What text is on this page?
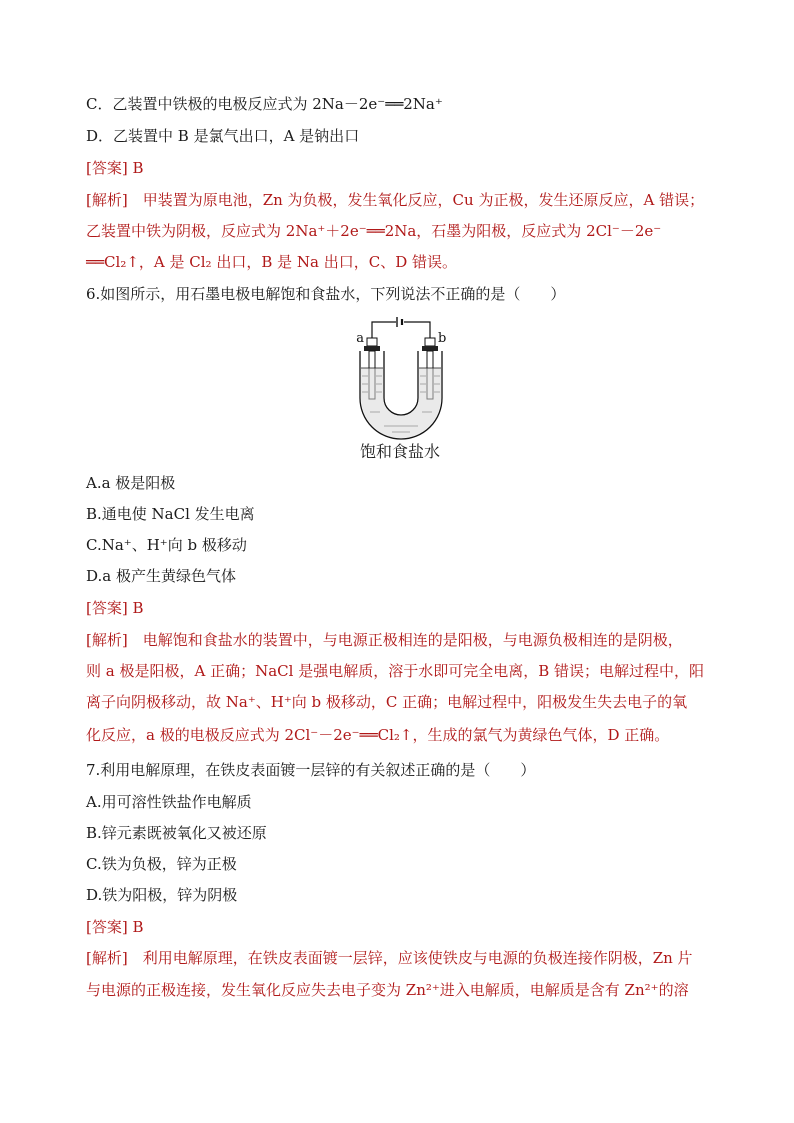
C．乙装置中铁极的电极反应式为 2Na－2e⁻══2Na⁺
D．乙装置中 B 是氯气出口，A 是钠出口
[答案] B
[解析]　甲装置为原电池，Zn 为负极，发生氧化反应，Cu 为正极，发生还原反应，A 错误；
乙装置中铁为阴极，反应式为 2Na⁺＋2e⁻══2Na，石墨为阳极，反应式为 2Cl⁻－2e⁻
══Cl₂↑，A 是 Cl₂ 出口，B 是 Na 出口，C、D 错误。
6.如图所示，用石墨电极电解饱和食盐水，下列说法不正确的是（　　）
a	b
饱和食盐水
A.a 极是阳极
B.通电使 NaCl 发生电离
C.Na⁺、H⁺向 b 极移动
D.a 极产生黄绿色气体
[答案] B
[解析]　电解饱和食盐水的装置中，与电源正极相连的是阳极，与电源负极相连的是阴极，
则 a 极是阳极，A 正确；NaCl 是强电解质，溶于水即可完全电离，B 错误；电解过程中，阳
离子向阴极移动，故 Na⁺、H⁺向 b 极移动，C 正确；电解过程中，阳极发生失去电子的氧
化反应，a 极的电极反应式为 2Cl⁻－2e⁻══Cl₂↑，生成的氯气为黄绿色气体，D 正确。
7.利用电解原理，在铁皮表面镀一层锌的有关叙述正确的是（　　）
A.用可溶性铁盐作电解质
B.锌元素既被氧化又被还原
C.铁为负极，锌为正极
D.铁为阳极，锌为阴极
[答案] B
[解析]　利用电解原理，在铁皮表面镀一层锌，应该使铁皮与电源的负极连接作阴极，Zn 片
与电源的正极连接，发生氧化反应失去电子变为 Zn²⁺进入电解质，电解质是含有 Zn²⁺的溶
